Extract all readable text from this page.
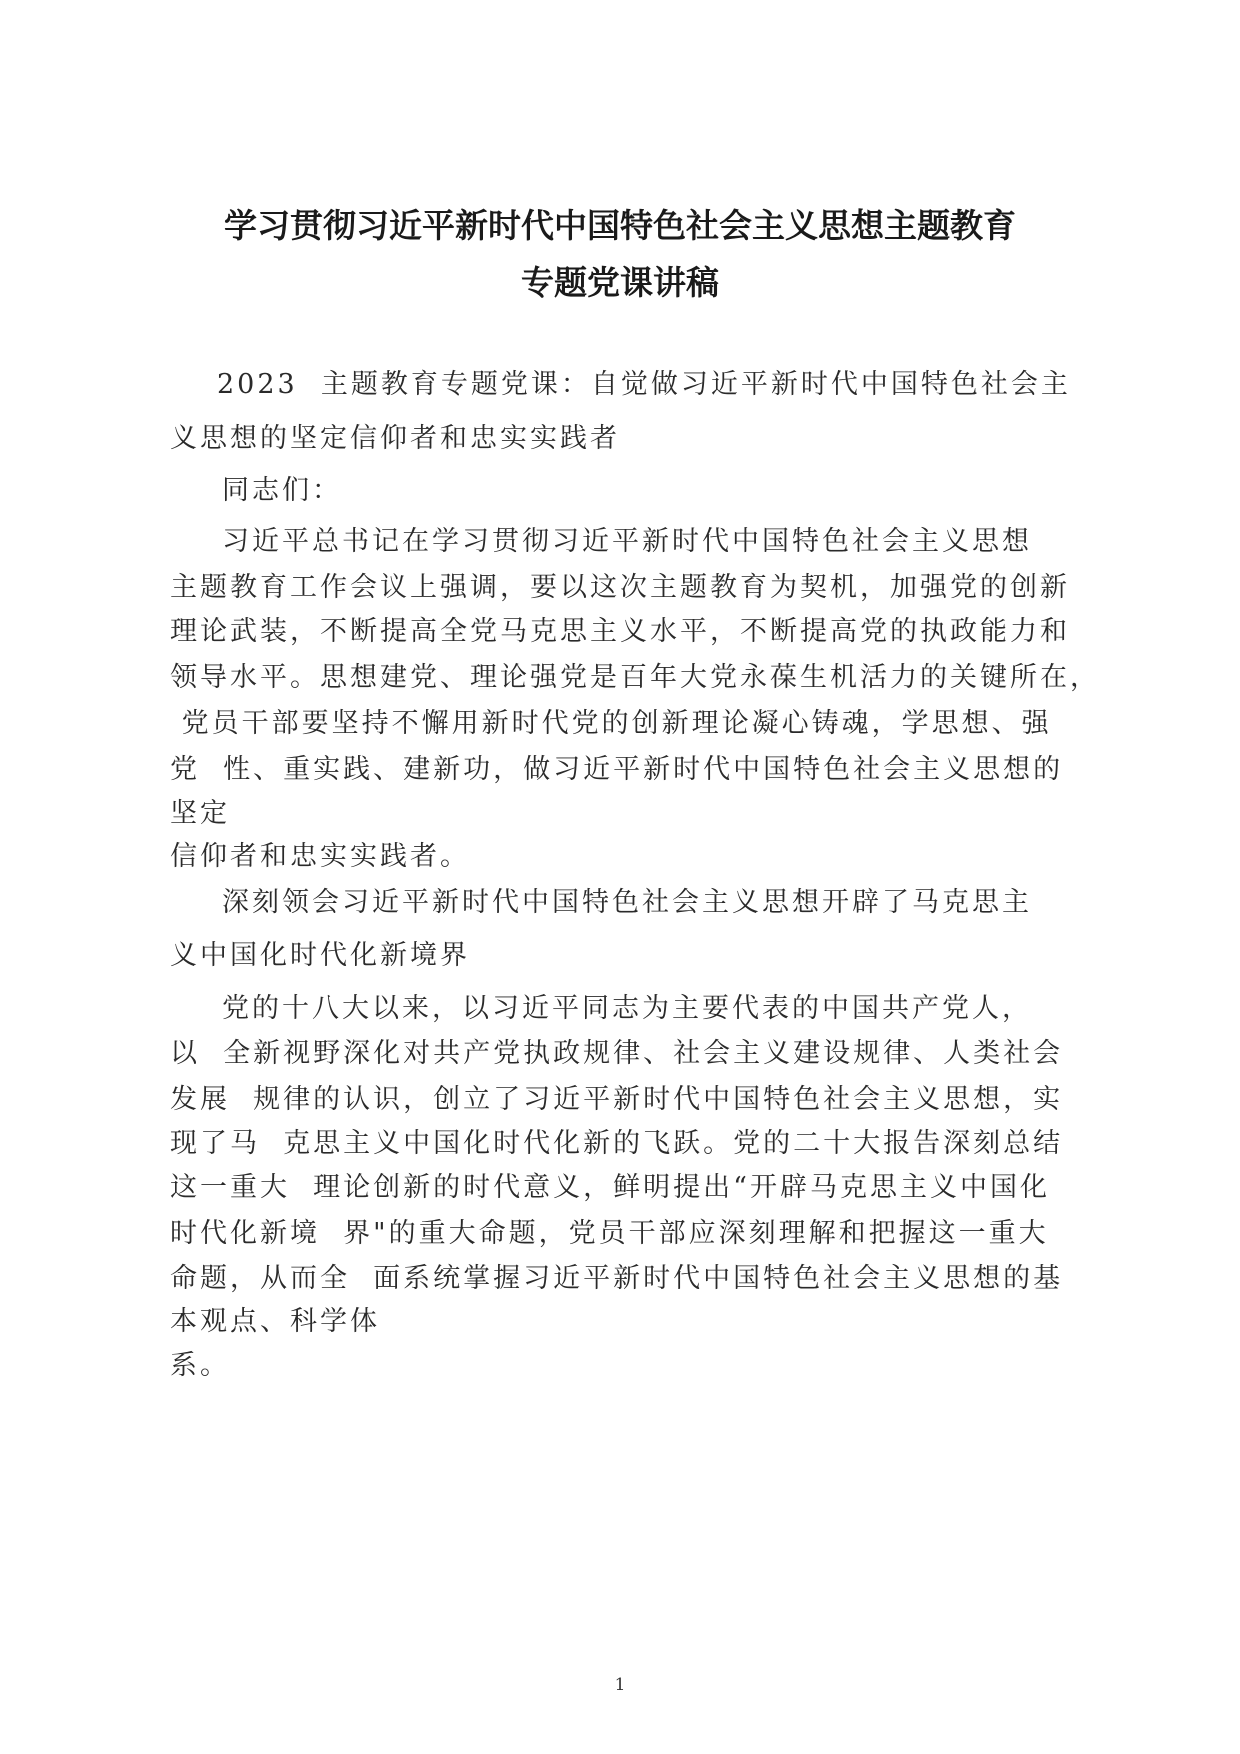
学习贯彻习近平新时代中国特色社会主义思想主题教育
专题党课讲稿
2023  主题教育专题党课：自觉做习近平新时代中国特色社会主
义思想的坚定信仰者和忠实实践者
同志们：
习近平总书记在学习贯彻习近平新时代中国特色社会主义思想
主题教育工作会议上强调，要以这次主题教育为契机，加强党的创新
理论武装，不断提高全党马克思主义水平，不断提高党的执政能力和
领导水平。思想建党、理论强党是百年大党永葆生机活力的关键所在，
党员干部要坚持不懈用新时代党的创新理论凝心铸魂，学思想、强
党  性、重实践、建新功，做习近平新时代中国特色社会主义思想的
坚定
信仰者和忠实实践者。
深刻领会习近平新时代中国特色社会主义思想开辟了马克思主
义中国化时代化新境界
党的十八大以来，以习近平同志为主要代表的中国共产党人，
以  全新视野深化对共产党执政规律、社会主义建设规律、人类社会
发展  规律的认识，创立了习近平新时代中国特色社会主义思想，实
现了马  克思主义中国化时代化新的飞跃。党的二十大报告深刻总结
这一重大  理论创新的时代意义，鲜明提出“开辟马克思主义中国化
时代化新境  界"的重大命题，党员干部应深刻理解和把握这一重大
命题，从而全  面系统掌握习近平新时代中国特色社会主义思想的基
本观点、科学体
系。
1
